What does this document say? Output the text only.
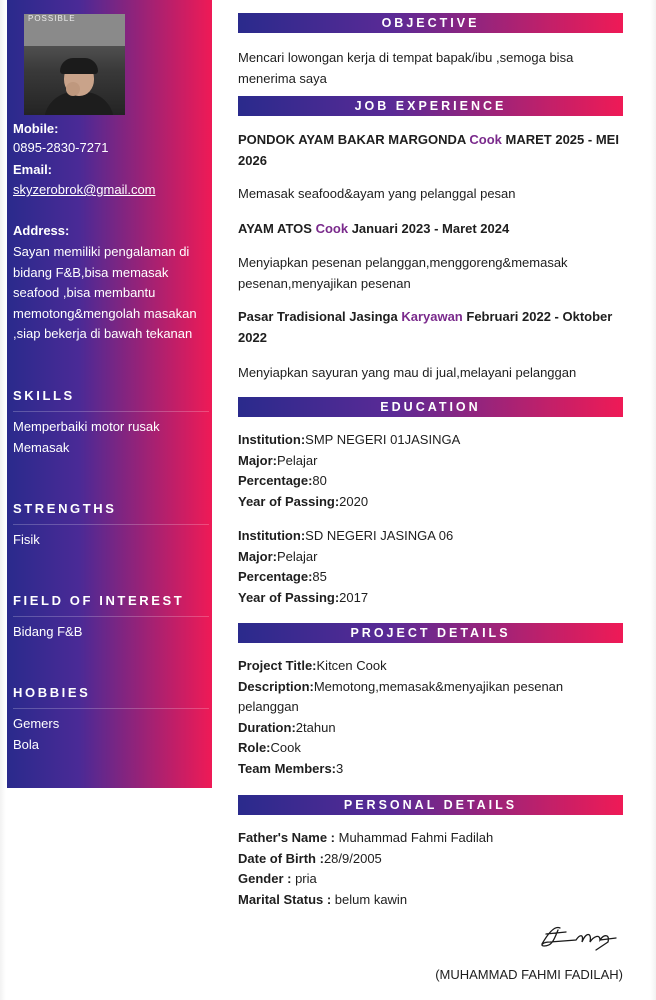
POSSIBLE
Mobile:
0895-2830-7271
Email:
skyzerobrok@gmail.com
Address:
Sayan memiliki pengalaman di
bidang F&B,bisa memasak
seafood ,bisa membantu
memotong&mengolah masakan
,siap bekerja di bawah tekanan
SKILLS
Memperbaiki motor rusak
Memasak
STRENGTHS
Fisik
FIELD OF INTEREST
Bidang F&B
HOBBIES
Gemers
Bola
OBJECTIVE
Mencari lowongan kerja di tempat bapak/ibu ,semoga bisa
menerima saya
JOB EXPERIENCE
PONDOK AYAM BAKAR MARGONDA Cook MARET 2025 - MEI
2026
Memasak seafood&ayam yang pelanggal pesan
AYAM ATOS Cook Januari 2023 - Maret 2024
Menyiapkan pesenan pelanggan,menggoreng&memasak
pesenan,menyajikan pesenan
Pasar Tradisional Jasinga Karyawan Februari 2022 - Oktober
2022
Menyiapkan sayuran yang mau di jual,melayani pelanggan
EDUCATION
Institution:SMP NEGERI 01JASINGA
Major:Pelajar
Percentage:80
Year of Passing:2020
Institution:SD NEGERI JASINGA 06
Major:Pelajar
Percentage:85
Year of Passing:2017
PROJECT DETAILS
Project Title:Kitcen Cook
Description:Memotong,memasak&menyajikan pesenan
pelanggan
Duration:2tahun
Role:Cook
Team Members:3
PERSONAL DETAILS
Father's Name : Muhammad Fahmi Fadilah
Date of Birth :28/9/2005
Gender : pria
Marital Status : belum kawin
(MUHAMMAD FAHMI FADILAH)
